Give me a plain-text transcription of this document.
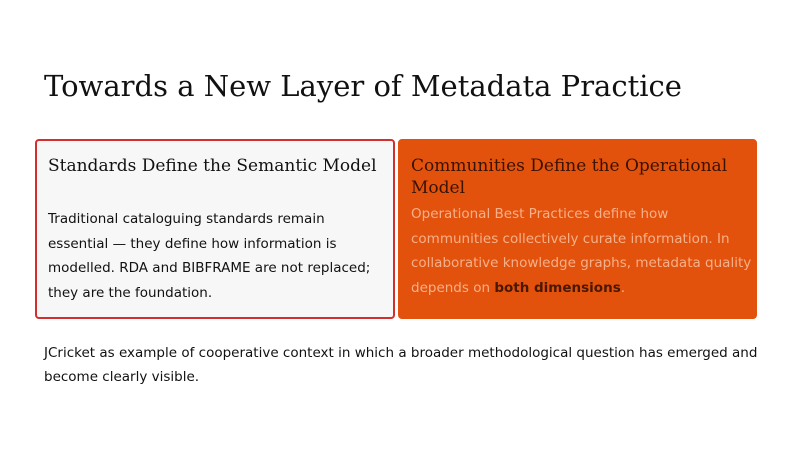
Towards a New Layer of Metadata Practice
Standards Define the Semantic Model
Traditional cataloguing standards remain essential — they define how information is modelled. RDA and BIBFRAME are not replaced; they are the foundation.
Communities Define the Operational Model
Operational Best Practices define how communities collectively curate information. In collaborative knowledge graphs, metadata quality depends on both dimensions.
JCricket as example of cooperative context in which a broader methodological question has emerged and become clearly visible.
